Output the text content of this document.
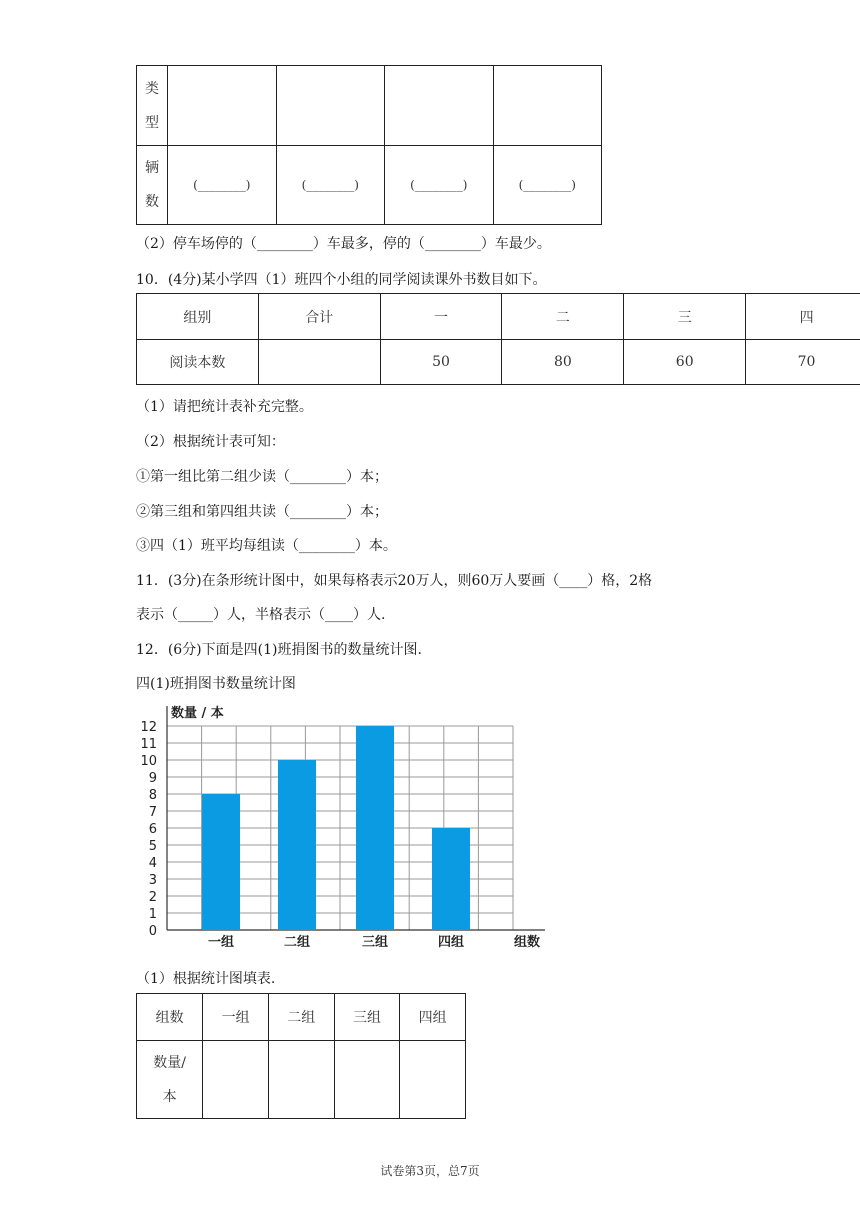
类型				

辆数	(________)	(________)	(________)	(________)
（2）停车场停的（________）车最多，停的（________）车最少。
10．(4分)某小学四（1）班四个小组的同学阅读课外书数目如下。
组别	合计	一	二	三	四
阅读本数		50	80	60	70
（1）请把统计表补充完整。
（2）根据统计表可知：
①第一组比第二组少读（________）本；
②第三组和第四组共读（________）本；
③四（1）班平均每组读（________）本。
11．(3分)在条形统计图中，如果每格表示20万人，则60万人要画（____）格，2格
表示（_____）人，半格表示（____）人.
12．(6分)下面是四(1)班捐图书的数量统计图.
四(1)班捐图书数量统计图
0
1
2
3
4
5
6
7
8
9
10
11
12
数量 / 本
一组	二组	三组	四组	组数
（1）根据统计图填表.
组数	一组	二组	三组	四组

数量/本				

试卷第3页，总7页
